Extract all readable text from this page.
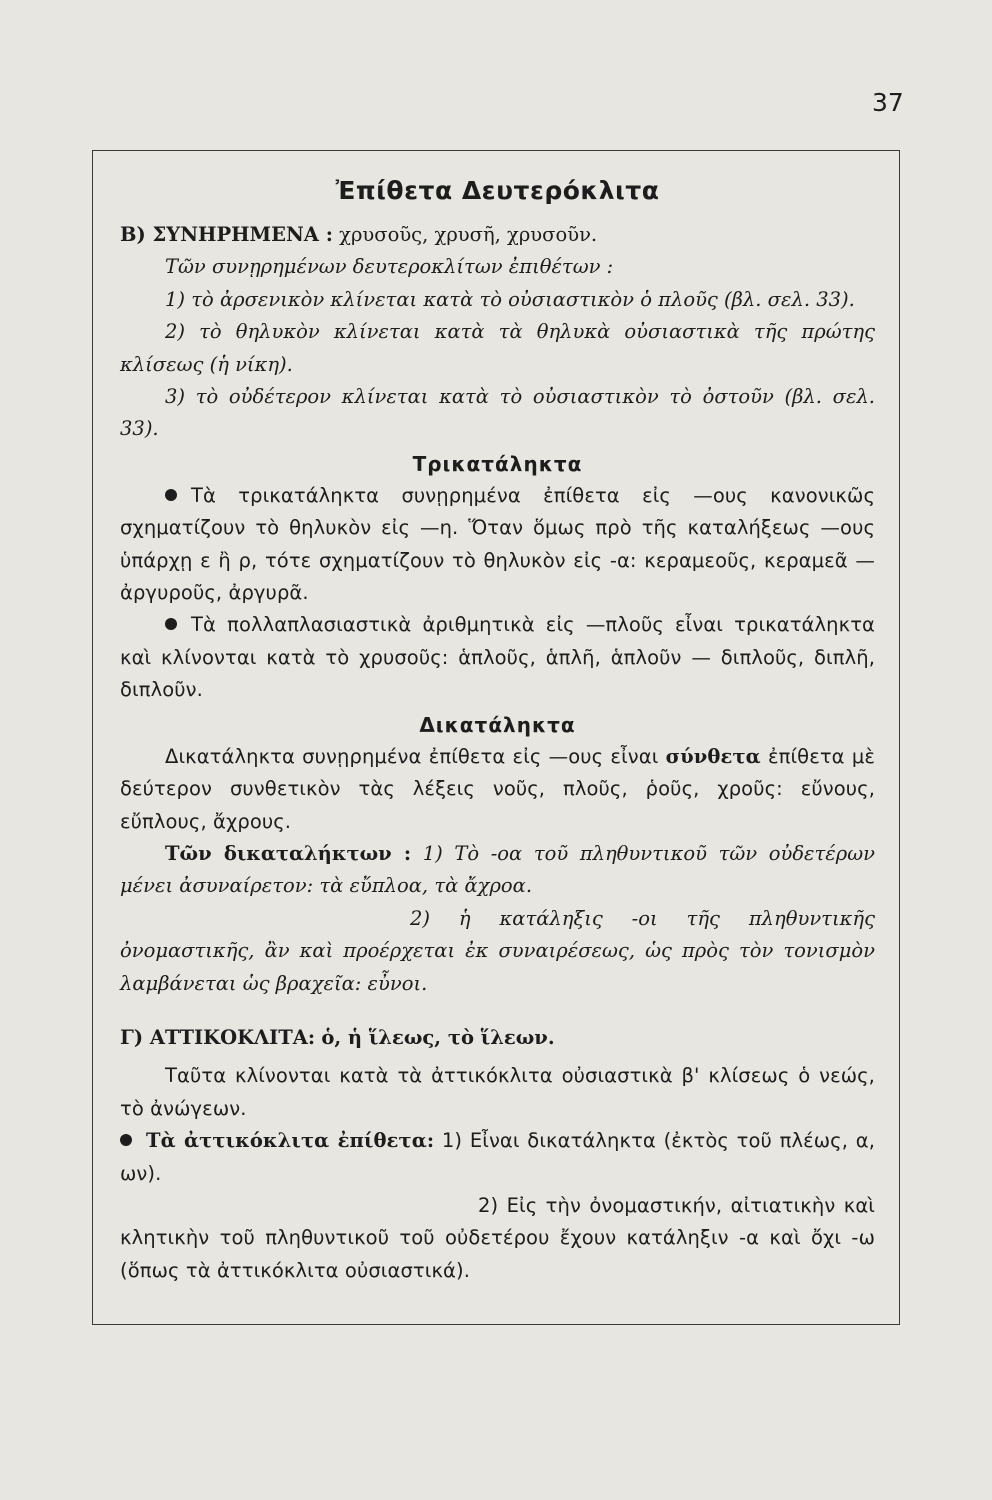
37
Ἐπίθετα Δευτερόκλιτα

Β) ΣΥΝΗΡΗΜΕΝΑ : χρυσοῦς, χρυσῆ, χρυσοῦν.

Τῶν συνῃρημένων δευτεροκλίτων ἐπιθέτων :

1) τὸ ἀρσενικὸν κλίνεται κατὰ τὸ οὐσιαστικὸν ὁ πλοῦς (βλ. σελ. 33).

2) τὸ θηλυκὸν κλίνεται κατὰ τὰ θηλυκὰ οὐσιαστικὰ τῆς πρώτης κλίσεως (ἡ νίκη).

3) τὸ οὐδέτερον κλίνεται κατὰ τὸ οὐσιαστικὸν τὸ ὀστοῦν (βλ. σελ. 33).

Τρικατάληκτα

Τὰ τρικατάληκτα συνῃρημένα ἐπίθετα εἰς —ους κανονικῶς σχηματίζουν τὸ θηλυκὸν εἰς —η. Ὅταν ὅμως πρὸ τῆς καταλήξεως —ους ὑπάρχῃ ε ἢ ρ, τότε σχηματίζουν τὸ θηλυκὸν εἰς -α: κεραμεοῦς, κεραμεᾶ — ἀργυροῦς, ἀργυρᾶ.

Τὰ πολλαπλασιαστικὰ ἀριθμητικὰ εἰς —πλοῦς εἶναι τρικατάληκτα καὶ κλίνονται κατὰ τὸ χρυσοῦς: ἁπλοῦς, ἁπλῆ, ἁπλοῦν — διπλοῦς, διπλῆ, διπλοῦν.

Δικατάληκτα

Δικατάληκτα συνῃρημένα ἐπίθετα εἰς —ους εἶναι σύνθετα ἐπίθετα μὲ δεύτερον συνθετικὸν τὰς λέξεις νοῦς, πλοῦς, ῥοῦς, χροῦς: εὔνους, εὔπλους, ἄχρους.

Τῶν δικαταλήκτων : 1) Τὸ -οα τοῦ πληθυντικοῦ τῶν οὐδετέρων μένει ἀσυναίρετον: τὰ εὔπλοα, τὰ ἄχροα.

2) ἡ κατάληξις -οι τῆς πληθυντικῆς ὀνομαστικῆς, ἂν καὶ προέρχεται ἐκ συναιρέσεως, ὡς πρὸς τὸν τονισμὸν λαμβάνεται ὡς βραχεῖα: εὖνοι.

Γ) ΑΤΤΙΚΟΚΛΙΤΑ: ὁ, ἡ ἵλεως, τὸ ἵλεων.

Ταῦτα κλίνονται κατὰ τὰ ἀττικόκλιτα οὐσιαστικὰ β' κλίσεως ὁ νεώς, τὸ ἀνώγεων.

Τὰ ἀττικόκλιτα ἐπίθετα: 1) Εἶναι δικατάληκτα (ἐκτὸς τοῦ πλέως, α, ων).

2) Εἰς τὴν ὀνομαστικήν, αἰτιατικὴν καὶ κλητικὴν τοῦ πληθυντικοῦ τοῦ οὐδετέρου ἔχουν κατάληξιν -α καὶ ὄχι -ω (ὅπως τὰ ἀττικόκλιτα οὐσιαστικά).
